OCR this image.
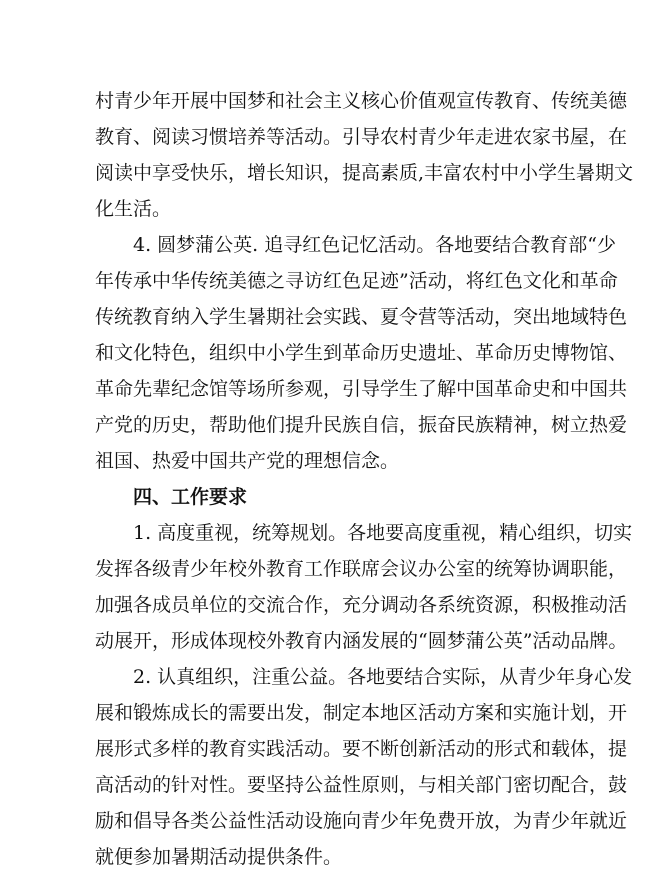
村青少年开展中国梦和社会主义核心价值观宣传教育、传统美德
教育、阅读习惯培养等活动。引导农村青少年走进农家书屋，在
阅读中享受快乐，增长知识，提高素质,丰富农村中小学生暑期文
化生活。
4. 圆梦蒲公英. 追寻红色记忆活动。各地要结合教育部“少
年传承中华传统美德之寻访红色足迹”活动，将红色文化和革命
传统教育纳入学生暑期社会实践、夏令营等活动，突出地域特色
和文化特色，组织中小学生到革命历史遗址、革命历史博物馆、
革命先辈纪念馆等场所参观，引导学生了解中国革命史和中国共
产党的历史，帮助他们提升民族自信，振奋民族精神，树立热爱
祖国、热爱中国共产党的理想信念。
四、工作要求
1. 高度重视，统筹规划。各地要高度重视，精心组织，切实
发挥各级青少年校外教育工作联席会议办公室的统筹协调职能，
加强各成员单位的交流合作，充分调动各系统资源，积极推动活
动展开，形成体现校外教育内涵发展的“圆梦蒲公英”活动品牌。
2. 认真组织，注重公益。各地要结合实际，从青少年身心发
展和锻炼成长的需要出发，制定本地区活动方案和实施计划，开
展形式多样的教育实践活动。要不断创新活动的形式和载体，提
高活动的针对性。要坚持公益性原则，与相关部门密切配合，鼓
励和倡导各类公益性活动设施向青少年免费开放，为青少年就近
就便参加暑期活动提供条件。
